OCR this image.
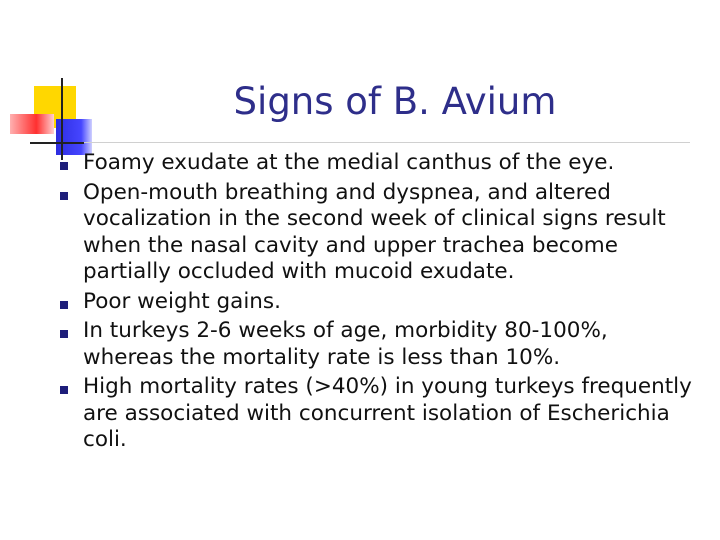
Signs of B. Avium
Foamy exudate at the medial canthus of the eye.
Open-mouth breathing and dyspnea, and altered vocalization in the second week of clinical signs result when the nasal cavity and upper trachea become partially occluded with mucoid exudate.
Poor weight gains.
In turkeys 2-6 weeks of age, morbidity 80-100%, whereas the mortality rate is less than 10%.
High mortality rates (>40%) in young turkeys frequently are associated with concurrent isolation of Escherichia coli.
